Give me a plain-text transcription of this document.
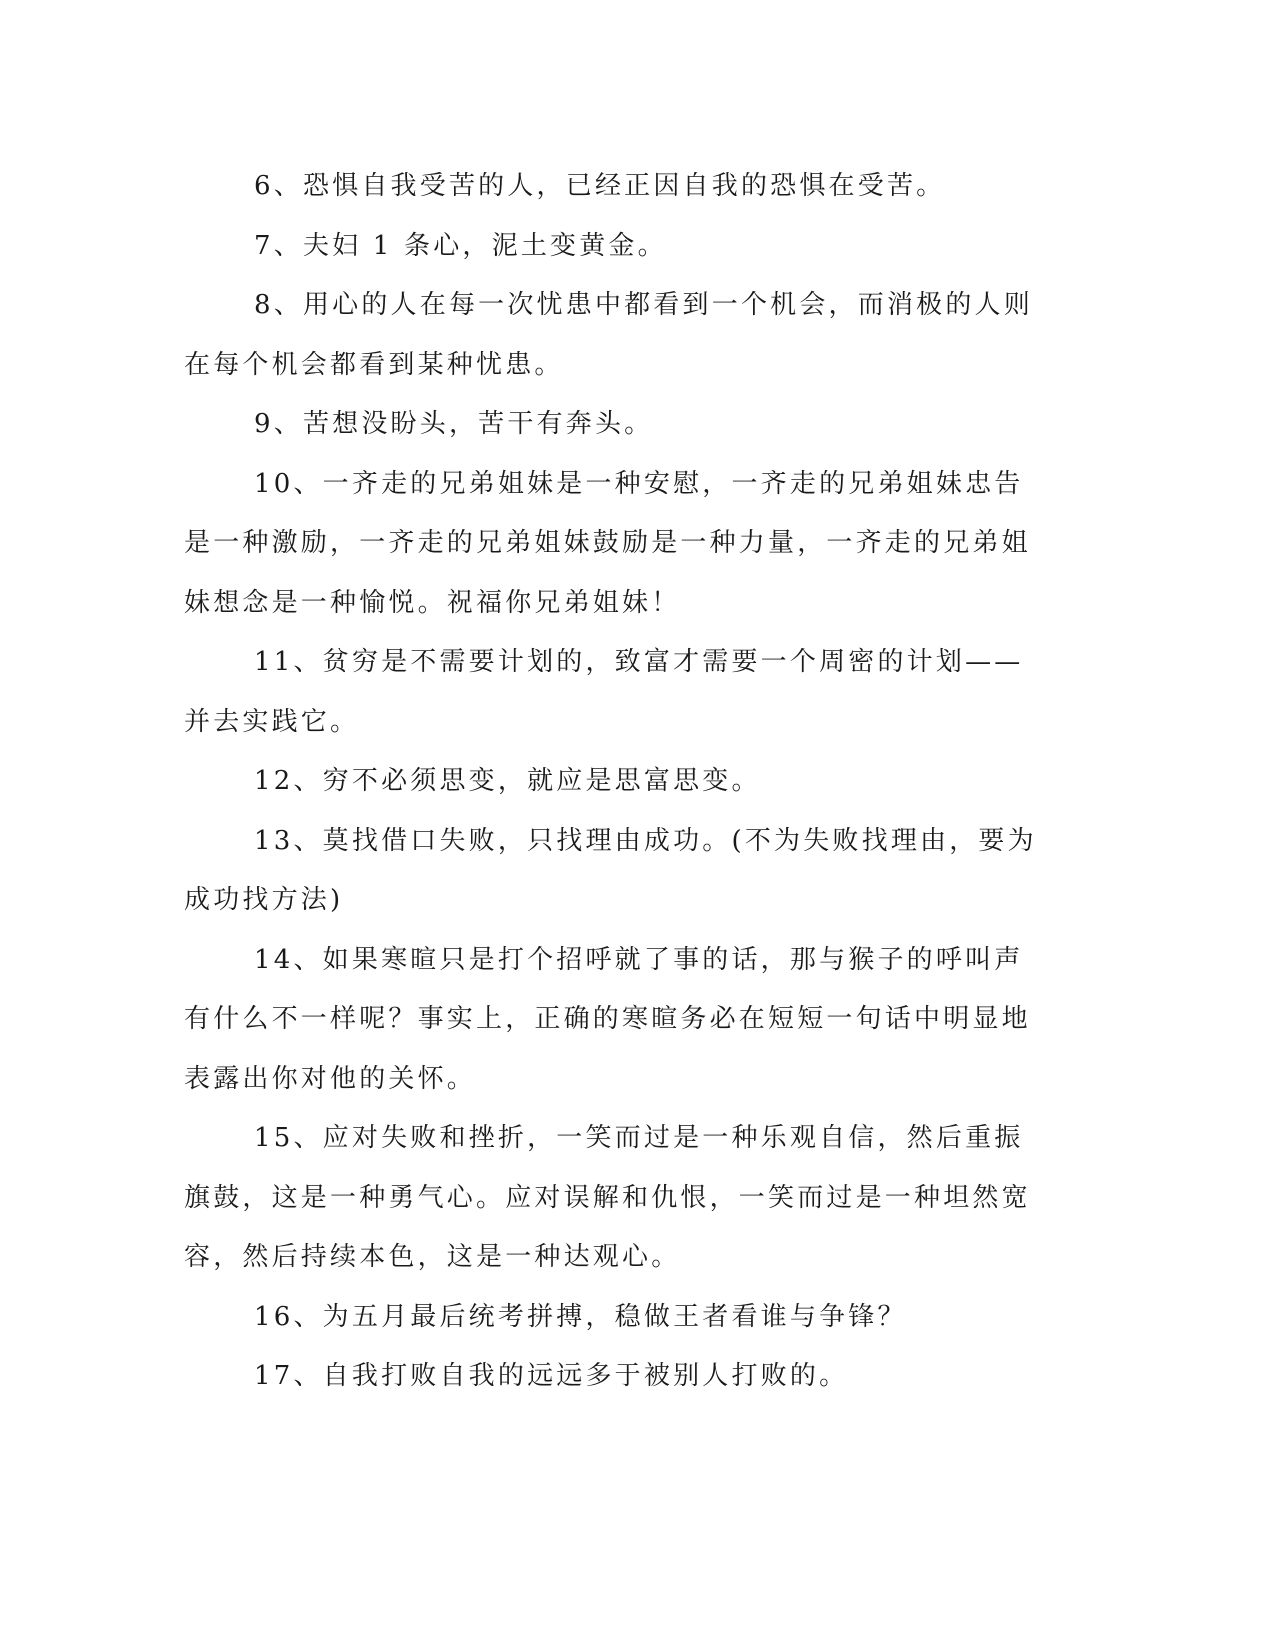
6、恐惧自我受苦的人，已经正因自我的恐惧在受苦。

7、夫妇 1 条心，泥土变黄金。

8、用心的人在每一次忧患中都看到一个机会，而消极的人则在每个机会都看到某种忧患。

9、苦想没盼头，苦干有奔头。

10、一齐走的兄弟姐妹是一种安慰，一齐走的兄弟姐妹忠告是一种激励，一齐走的兄弟姐妹鼓励是一种力量，一齐走的兄弟姐妹想念是一种愉悦。祝福你兄弟姐妹！

11、贫穷是不需要计划的，致富才需要一个周密的计划——并去实践它。

12、穷不必须思变，就应是思富思变。

13、莫找借口失败，只找理由成功。(不为失败找理由，要为成功找方法)

14、如果寒暄只是打个招呼就了事的话，那与猴子的呼叫声有什么不一样呢？事实上，正确的寒暄务必在短短一句话中明显地表露出你对他的关怀。

15、应对失败和挫折，一笑而过是一种乐观自信，然后重振旗鼓，这是一种勇气心。应对误解和仇恨，一笑而过是一种坦然宽容，然后持续本色，这是一种达观心。

16、为五月最后统考拼搏，稳做王者看谁与争锋？

17、自我打败自我的远远多于被别人打败的。
